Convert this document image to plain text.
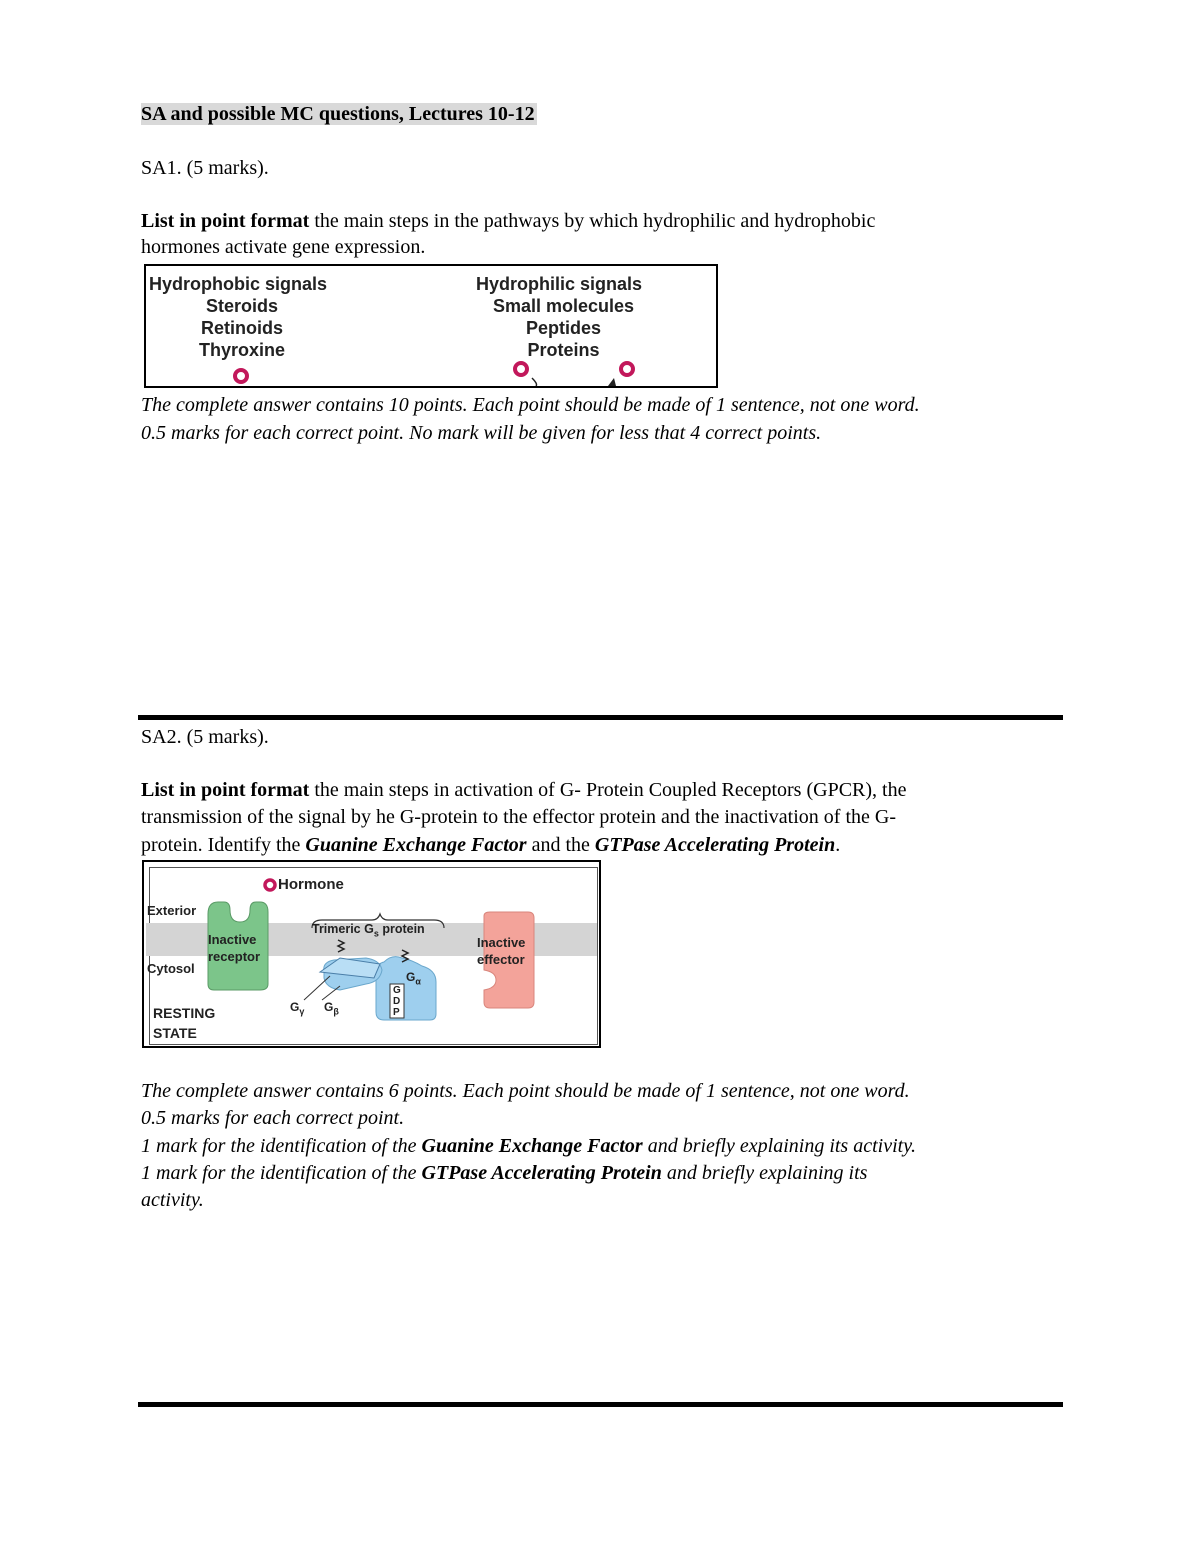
SA and possible MC questions, Lectures 10-12
SA1. (5 marks).
List in point format the main steps in the pathways by which hydrophilic and hydrophobic
hormones activate gene expression.
Hydrophobic signals
Steroids
Retinoids
Thyroxine
Hydrophilic signals
Small molecules
Peptides
Proteins
The complete answer contains 10 points. Each point should be made of 1 sentence, not one word.
0.5 marks for each correct point. No mark will be given for less that 4 correct points.
SA2. (5 marks).
List in point format the main steps in activation of G- Protein Coupled Receptors (GPCR), the
transmission of the signal by he G-protein to the effector protein and the inactivation of the G-
protein. Identify the Guanine Exchange Factor and the GTPase Accelerating Protein.
Hormone
Exterior
Cytosol
Inactive
receptor
Trimeric $G_s$ protein
Inactive
effector
RESTING
STATE
$G_\gamma$ $G_\beta$
$G_\alpha$
G
D
P
The complete answer contains 6 points. Each point should be made of 1 sentence, not one word.
0.5 marks for each correct point.
1 mark for the identification of the Guanine Exchange Factor and briefly explaining its activity.
1 mark for the identification of the GTPase Accelerating Protein and briefly explaining its
activity.
